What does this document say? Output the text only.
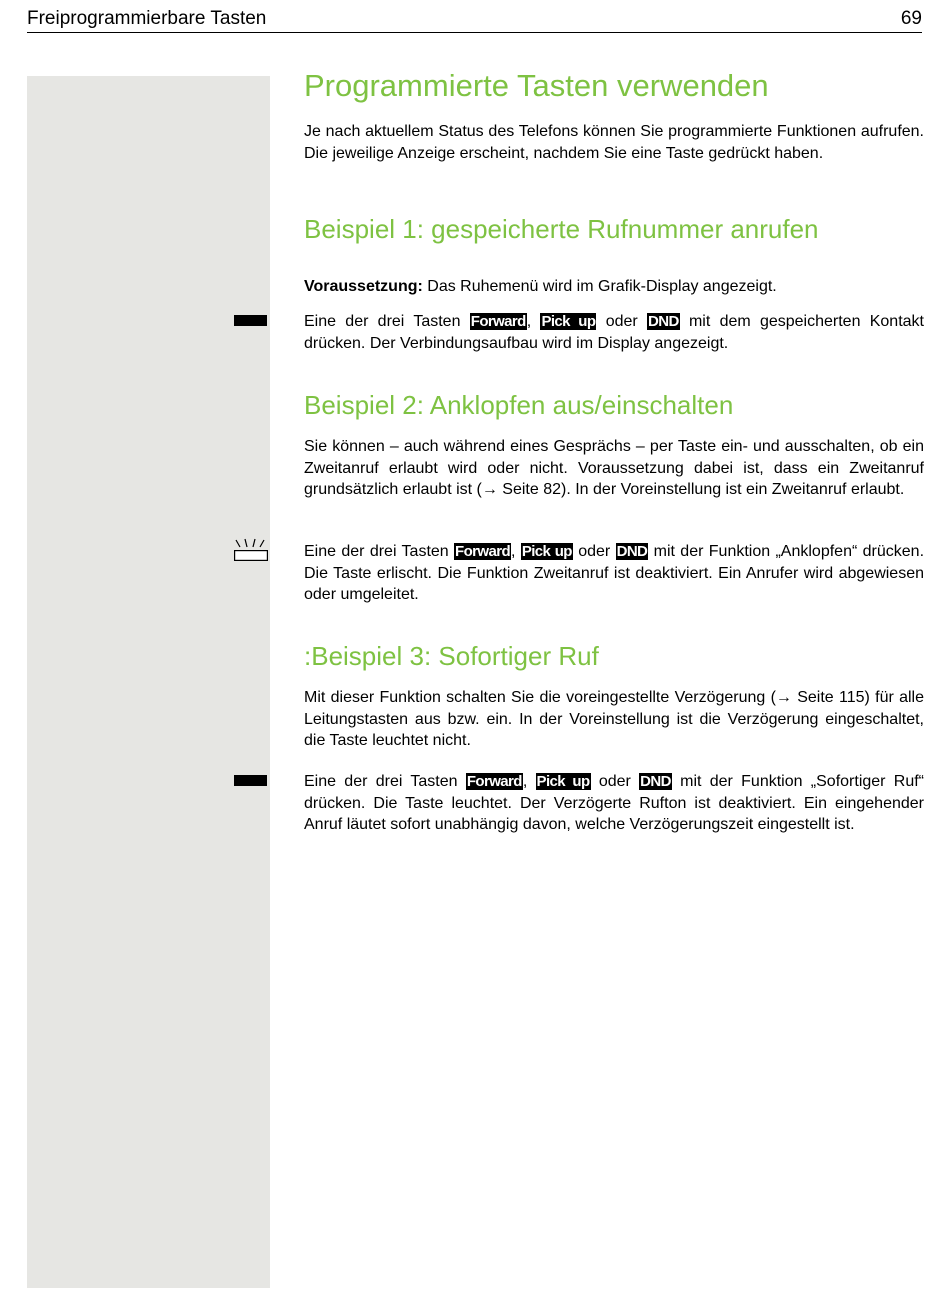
Freiprogrammierbare Tasten	69
Programmierte Tasten verwenden

Je nach aktuellem Status des Telefons können Sie programmierte Funktionen aufrufen. Die jeweilige Anzeige erscheint, nachdem Sie eine Taste gedrückt haben.

Beispiel 1: gespeicherte Rufnummer anrufen

Voraussetzung: Das Ruhemenü wird im Grafik-Display angezeigt.

Eine der drei Tasten Forward, Pick up oder DND mit dem gespeicherten Kontakt drücken. Der Verbindungsaufbau wird im Display angezeigt.

Beispiel 2: Anklopfen aus/einschalten

Sie können – auch während eines Gesprächs – per Taste ein- und ausschalten, ob ein Zweitanruf erlaubt wird oder nicht. Voraussetzung dabei ist, dass ein Zweitanruf grundsätzlich erlaubt ist (→ Seite 82). In der Voreinstellung ist ein Zweitanruf erlaubt.

Eine der drei Tasten Forward, Pick up oder DND mit der Funktion „Anklopfen“ drücken. Die Taste erlischt. Die Funktion Zweitanruf ist deaktiviert. Ein Anrufer wird abgewiesen oder umgeleitet.

:Beispiel 3: Sofortiger Ruf

Mit dieser Funktion schalten Sie die voreingestellte Verzögerung (→ Seite 115) für alle Leitungstasten aus bzw. ein. In der Voreinstellung ist die Verzögerung eingeschaltet, die Taste leuchtet nicht.

Eine der drei Tasten Forward, Pick up oder DND mit der Funktion „Sofortiger Ruf“ drücken. Die Taste leuchtet. Der Verzögerte Rufton ist deaktiviert. Ein eingehender Anruf läutet sofort unabhängig davon, welche Verzögerungszeit eingestellt ist.
